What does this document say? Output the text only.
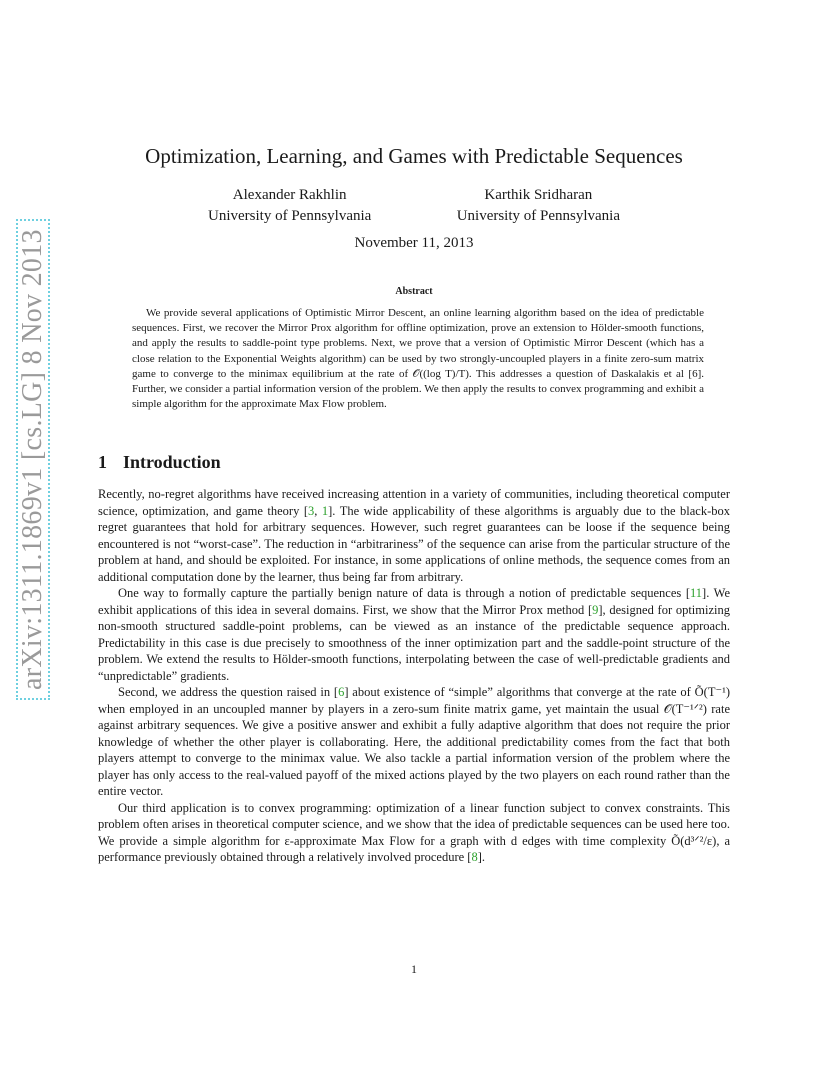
arXiv:1311.1869v1 [cs.LG] 8 Nov 2013
Optimization, Learning, and Games with Predictable Sequences
Alexander Rakhlin
University of Pennsylvania
Karthik Sridharan
University of Pennsylvania
November 11, 2013
Abstract

We provide several applications of Optimistic Mirror Descent, an online learning algorithm based on the idea of predictable sequences. First, we recover the Mirror Prox algorithm for offline optimization, prove an extension to Hölder-smooth functions, and apply the results to saddle-point type problems. Next, we prove that a version of Optimistic Mirror Descent (which has a close relation to the Exponential Weights algorithm) can be used by two strongly-uncoupled players in a finite zero-sum matrix game to converge to the minimax equilibrium at the rate of 𝒪((log T)/T). This addresses a question of Daskalakis et al [6]. Further, we consider a partial information version of the problem. We then apply the results to convex programming and exhibit a simple algorithm for the approximate Max Flow problem.

1 Introduction

Recently, no-regret algorithms have received increasing attention in a variety of communities, including theoretical computer science, optimization, and game theory [3, 1]. The wide applicability of these algorithms is arguably due to the black-box regret guarantees that hold for arbitrary sequences. However, such regret guarantees can be loose if the sequence being encountered is not “worst-case”. The reduction in “arbitrariness” of the sequence can arise from the particular structure of the problem at hand, and should be exploited. For instance, in some applications of online methods, the sequence comes from an additional computation done by the learner, thus being far from arbitrary.

One way to formally capture the partially benign nature of data is through a notion of predictable sequences [11]. We exhibit applications of this idea in several domains. First, we show that the Mirror Prox method [9], designed for optimizing non-smooth structured saddle-point problems, can be viewed as an instance of the predictable sequence approach. Predictability in this case is due precisely to smoothness of the inner optimization part and the saddle-point structure of the problem. We extend the results to Hölder-smooth functions, interpolating between the case of well-predictable gradients and “unpredictable” gradients.

Second, we address the question raised in [6] about existence of “simple” algorithms that converge at the rate of Õ(T⁻¹) when employed in an uncoupled manner by players in a zero-sum finite matrix game, yet maintain the usual 𝒪(T⁻¹ᐟ²) rate against arbitrary sequences. We give a positive answer and exhibit a fully adaptive algorithm that does not require the prior knowledge of whether the other player is collaborating. Here, the additional predictability comes from the fact that both players attempt to converge to the minimax value. We also tackle a partial information version of the problem where the player has only access to the real-valued payoff of the mixed actions played by the two players on each round rather than the entire vector.

Our third application is to convex programming: optimization of a linear function subject to convex constraints. This problem often arises in theoretical computer science, and we show that the idea of predictable sequences can be used here too. We provide a simple algorithm for ε-approximate Max Flow for a graph with d edges with time complexity Õ(d³ᐟ²/ε), a performance previously obtained through a relatively involved procedure [8].

1
